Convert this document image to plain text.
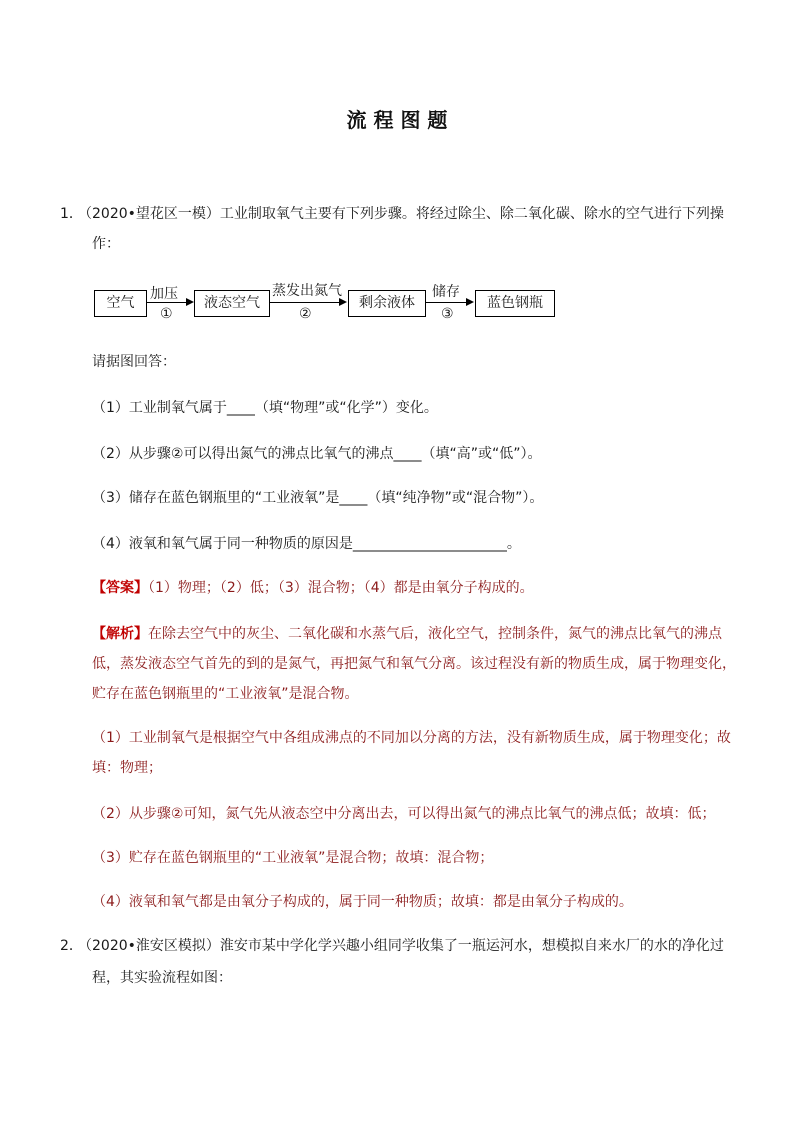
流 程 图 题
1．
（2020•望花区一模）工业制取氧气主要有下列步骤。将经过除尘、除二氧化碳、除水的空气进行下列操
作：
空气
加压
①
液态空气
蒸发出氮气
②
剩余液体
储存
③
蓝色钢瓶
请据图回答：
（1）工业制氧气属于____（填“物理”或“化学”）变化。
（2）从步骤②可以得出氮气的沸点比氧气的沸点____（填“高”或“低”）。
（3）储存在蓝色钢瓶里的“工业液氧”是____（填“纯净物”或“混合物”）。
（4）液氧和氧气属于同一种物质的原因是______________________。
【答案】（1）物理；（2）低；（3）混合物；（4）都是由氧分子构成的。
【解析】在除去空气中的灰尘、二氧化碳和水蒸气后，液化空气，控制条件，氮气的沸点比氧气的沸点
低，蒸发液态空气首先的到的是氮气，再把氮气和氧气分离。该过程没有新的物质生成，属于物理变化，
贮存在蓝色钢瓶里的“工业液氧”是混合物。
（1）工业制氧气是根据空气中各组成沸点的不同加以分离的方法，没有新物质生成，属于物理变化；故
填：物理；
（2）从步骤②可知，氮气先从液态空中分离出去，可以得出氮气的沸点比氧气的沸点低；故填：低；
（3）贮存在蓝色钢瓶里的“工业液氧”是混合物；故填：混合物；
（4）液氧和氧气都是由氧分子构成的，属于同一种物质；故填：都是由氧分子构成的。
2．
（2020•淮安区模拟）淮安市某中学化学兴趣小组同学收集了一瓶运河水，想模拟自来水厂的水的净化过
程，其实验流程如图：
